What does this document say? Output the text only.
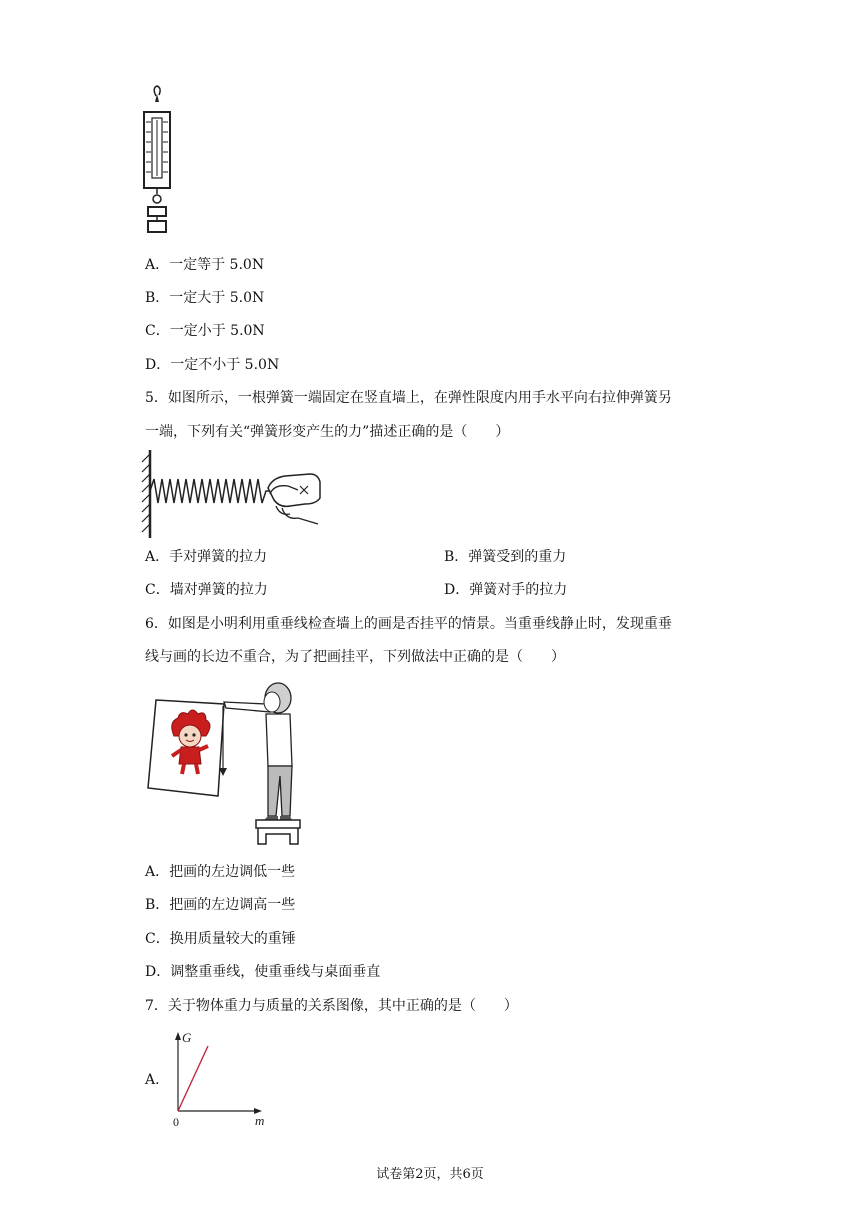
A．一定等于 5.0N
B．一定大于 5.0N
C．一定小于 5.0N
D．一定不小于 5.0N
5．如图所示，一根弹簧一端固定在竖直墙上，在弹性限度内用手水平向右拉伸弹簧另
一端，下列有关“弹簧形变产生的力”描述正确的是（　　）
A．手对弹簧的拉力	B．弹簧受到的重力
C．墙对弹簧的拉力	D．弹簧对手的拉力
6．如图是小明利用重垂线检查墙上的画是否挂平的情景。当重垂线静止时，发现重垂
线与画的长边不重合，为了把画挂平，下列做法中正确的是（　　）
A．把画的左边调低一些
B．把画的左边调高一些
C．换用质量较大的重锤
D．调整重垂线，使重垂线与桌面垂直
7．关于物体重力与质量的关系图像，其中正确的是（　　）
A.
G
m
0
试卷第2页，共6页
